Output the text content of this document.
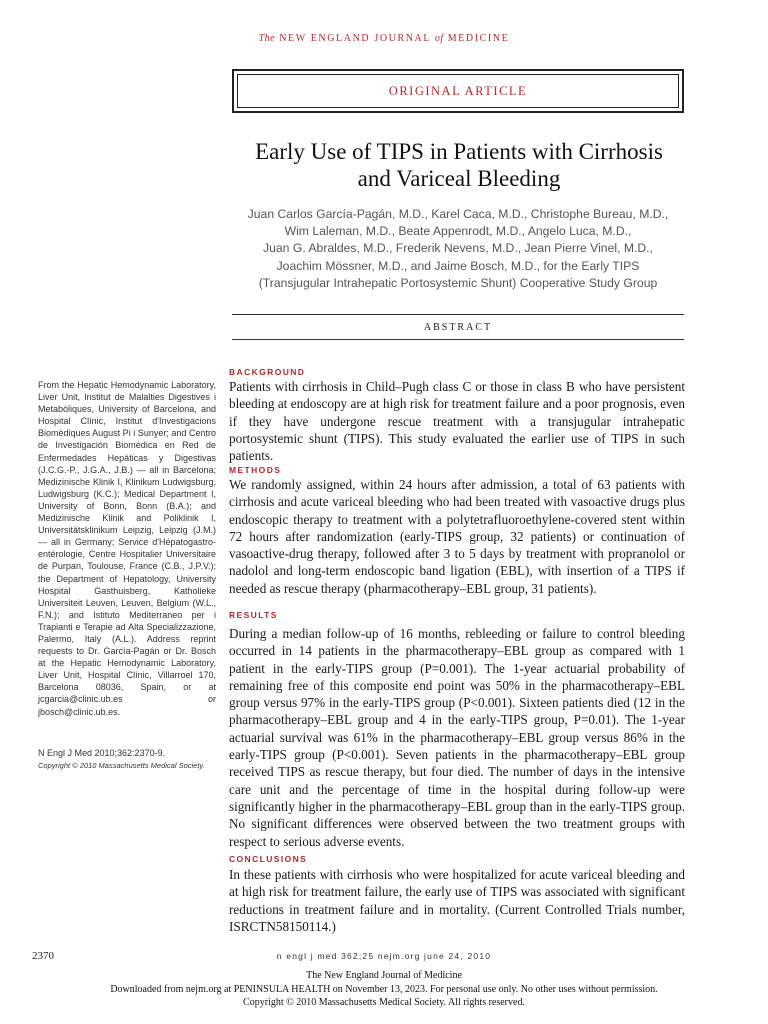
The NEW ENGLAND JOURNAL of MEDICINE
ORIGINAL ARTICLE
Early Use of TIPS in Patients with Cirrhosis
and Variceal Bleeding
Juan Carlos García-Pagán, M.D., Karel Caca, M.D., Christophe Bureau, M.D.,
Wim Laleman, M.D., Beate Appenrodt, M.D., Angelo Luca, M.D.,
Juan G. Abraldes, M.D., Frederik Nevens, M.D., Jean Pierre Vinel, M.D.,
Joachim Mössner, M.D., and Jaime Bosch, M.D., for the Early TIPS
(Transjugular Intrahepatic Portosystemic Shunt) Cooperative Study Group
ABSTRACT
From the Hepatic Hemodynamic Laboratory, Liver Unit, Institut de Malalties Digestives i Metabòliques, University of Barcelona, and Hospital Clínic, Institut d'Investigacions Biomèdiques August Pi i Sunyer; and Centro de Investigación Biomédica en Red de Enfermedades Hepáticas y Digestivas (J.C.G.-P., J.G.A., J.B.) — all in Barcelona; Medizinische Klinik I, Klinikum Ludwigsburg, Ludwigsburg (K.C.); Medical Department I, University of Bonn, Bonn (B.A.); and Medizinische Klinik and Poliklinik I, Universitätsklinikum Leipzig, Leipzig (J.M.) — all in Germany; Service d'Hépatogastro-entérologie, Centre Hospitalier Universitaire de Purpan, Toulouse, France (C.B., J.P.V.); the Department of Hepatology, University Hospital Gasthuisberg, Katholieke Universiteit Leuven, Leuven, Belgium (W.L., F.N.); and Istituto Mediterraneo per i Trapianti e Terapie ad Alta Specializzazione, Palermo, Italy (A.L.). Address reprint requests to Dr. García-Pagán or Dr. Bosch at the Hepatic Hemodynamic Laboratory, Liver Unit, Hospital Clínic, Villarroel 170, Barcelona 08036, Spain, or at jcgarcia@clinic.ub.es or jbosch@clinic.ub.es.
N Engl J Med 2010;362:2370-9.
Copyright © 2010 Massachusetts Medical Society.
BACKGROUND
Patients with cirrhosis in Child–Pugh class C or those in class B who have persistent bleeding at endoscopy are at high risk for treatment failure and a poor prognosis, even if they have undergone rescue treatment with a transjugular intrahepatic portosystemic shunt (TIPS). This study evaluated the earlier use of TIPS in such patients.
METHODS
We randomly assigned, within 24 hours after admission, a total of 63 patients with cirrhosis and acute variceal bleeding who had been treated with vasoactive drugs plus endoscopic therapy to treatment with a polytetrafluoroethylene-covered stent within 72 hours after randomization (early-TIPS group, 32 patients) or continuation of vasoactive-drug therapy, followed after 3 to 5 days by treatment with propranolol or nadolol and long-term endoscopic band ligation (EBL), with insertion of a TIPS if needed as rescue therapy (pharmacotherapy–EBL group, 31 patients).
RESULTS
During a median follow-up of 16 months, rebleeding or failure to control bleeding occurred in 14 patients in the pharmacotherapy–EBL group as compared with 1 patient in the early-TIPS group (P=0.001). The 1-year actuarial probability of remaining free of this composite end point was 50% in the pharmacotherapy–EBL group versus 97% in the early-TIPS group (P<0.001). Sixteen patients died (12 in the pharmacotherapy–EBL group and 4 in the early-TIPS group, P=0.01). The 1-year actuarial survival was 61% in the pharmacotherapy–EBL group versus 86% in the early-TIPS group (P<0.001). Seven patients in the pharmacotherapy–EBL group received TIPS as rescue therapy, but four died. The number of days in the intensive care unit and the percentage of time in the hospital during follow-up were significantly higher in the pharmacotherapy–EBL group than in the early-TIPS group. No significant differences were observed between the two treatment groups with respect to serious adverse events.
CONCLUSIONS
In these patients with cirrhosis who were hospitalized for acute variceal bleeding and at high risk for treatment failure, the early use of TIPS was associated with significant reductions in treatment failure and in mortality. (Current Controlled Trials number, ISRCTN58150114.)
2370	n engl j med 362;25 nejm.org june 24, 2010
The New England Journal of Medicine
Downloaded from nejm.org at PENINSULA HEALTH on November 13, 2023. For personal use only. No other uses without permission.
Copyright © 2010 Massachusetts Medical Society. All rights reserved.
